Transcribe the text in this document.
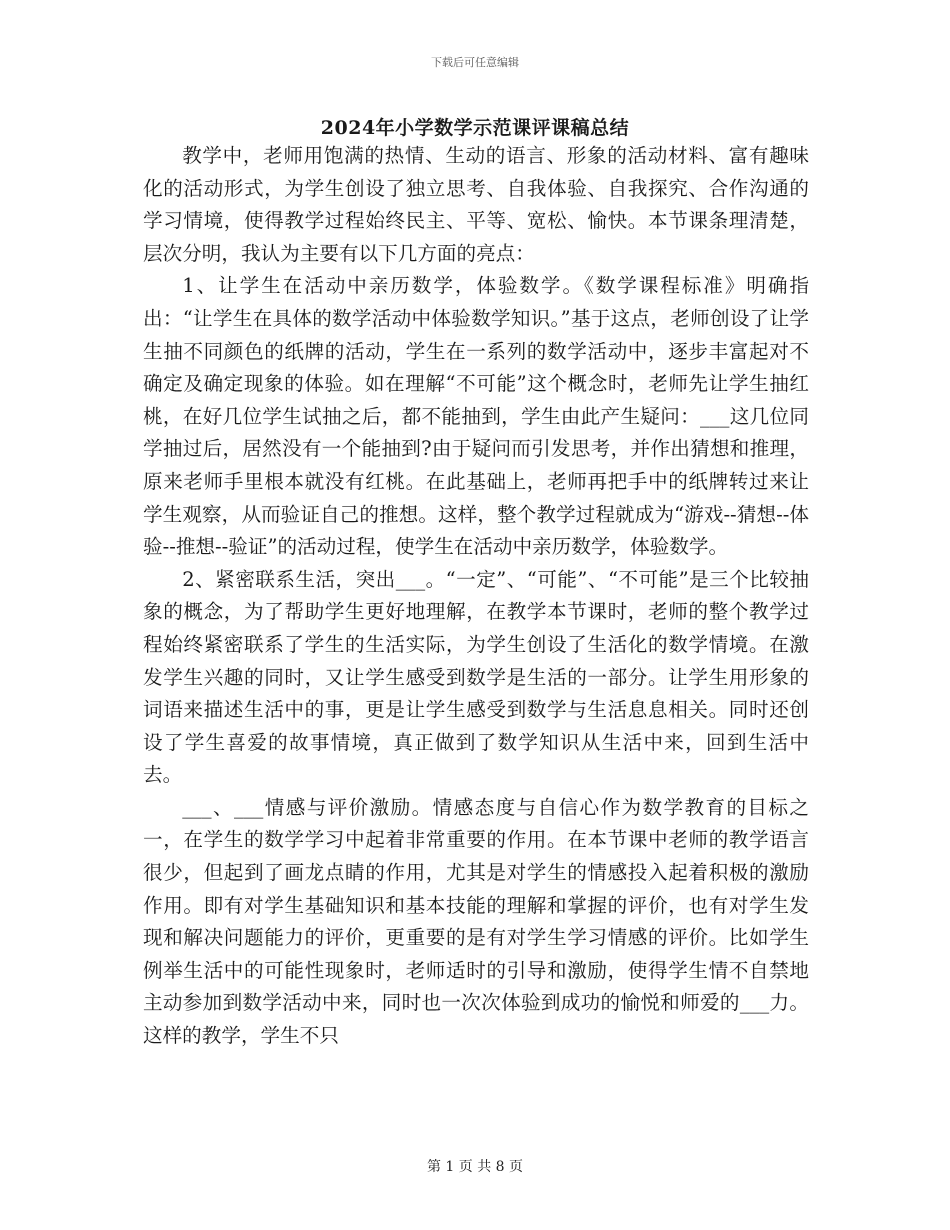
下载后可任意编辑
2024年小学数学示范课评课稿总结

教学中，老师用饱满的热情、生动的语言、形象的活动材料、富有趣味化的活动形式，为学生创设了独立思考、自我体验、自我探究、合作沟通的学习情境，使得教学过程始终民主、平等、宽松、愉快。本节课条理清楚，层次分明，我认为主要有以下几方面的亮点：

1、让学生在活动中亲历数学，体验数学。《数学课程标准》明确指出：“让学生在具体的数学活动中体验数学知识。”基于这点，老师创设了让学生抽不同颜色的纸牌的活动，学生在一系列的数学活动中，逐步丰富起对不确定及确定现象的体验。如在理解“不可能”这个概念时，老师先让学生抽红桃，在好几位学生试抽之后，都不能抽到，学生由此产生疑问：___这几位同学抽过后，居然没有一个能抽到?由于疑问而引发思考，并作出猜想和推理，原来老师手里根本就没有红桃。在此基础上，老师再把手中的纸牌转过来让学生观察，从而验证自己的推想。这样，整个教学过程就成为“游戏--猜想--体验--推想--验证”的活动过程，使学生在活动中亲历数学，体验数学。

2、紧密联系生活，突出___。“一定”、“可能”、“不可能”是三个比较抽象的概念，为了帮助学生更好地理解，在教学本节课时，老师的整个教学过程始终紧密联系了学生的生活实际，为学生创设了生活化的数学情境。在激发学生兴趣的同时，又让学生感受到数学是生活的一部分。让学生用形象的词语来描述生活中的事，更是让学生感受到数学与生活息息相关。同时还创设了学生喜爱的故事情境，真正做到了数学知识从生活中来，回到生活中去。

___、___情感与评价激励。情感态度与自信心作为数学教育的目标之一，在学生的数学学习中起着非常重要的作用。在本节课中老师的教学语言很少，但起到了画龙点睛的作用，尤其是对学生的情感投入起着积极的激励作用。即有对学生基础知识和基本技能的理解和掌握的评价，也有对学生发现和解决问题能力的评价，更重要的是有对学生学习情感的评价。比如学生例举生活中的可能性现象时，老师适时的引导和激励，使得学生情不自禁地主动参加到数学活动中来，同时也一次次体验到成功的愉悦和师爱的___力。这样的教学，学生不只

第 1 页 共 8 页
